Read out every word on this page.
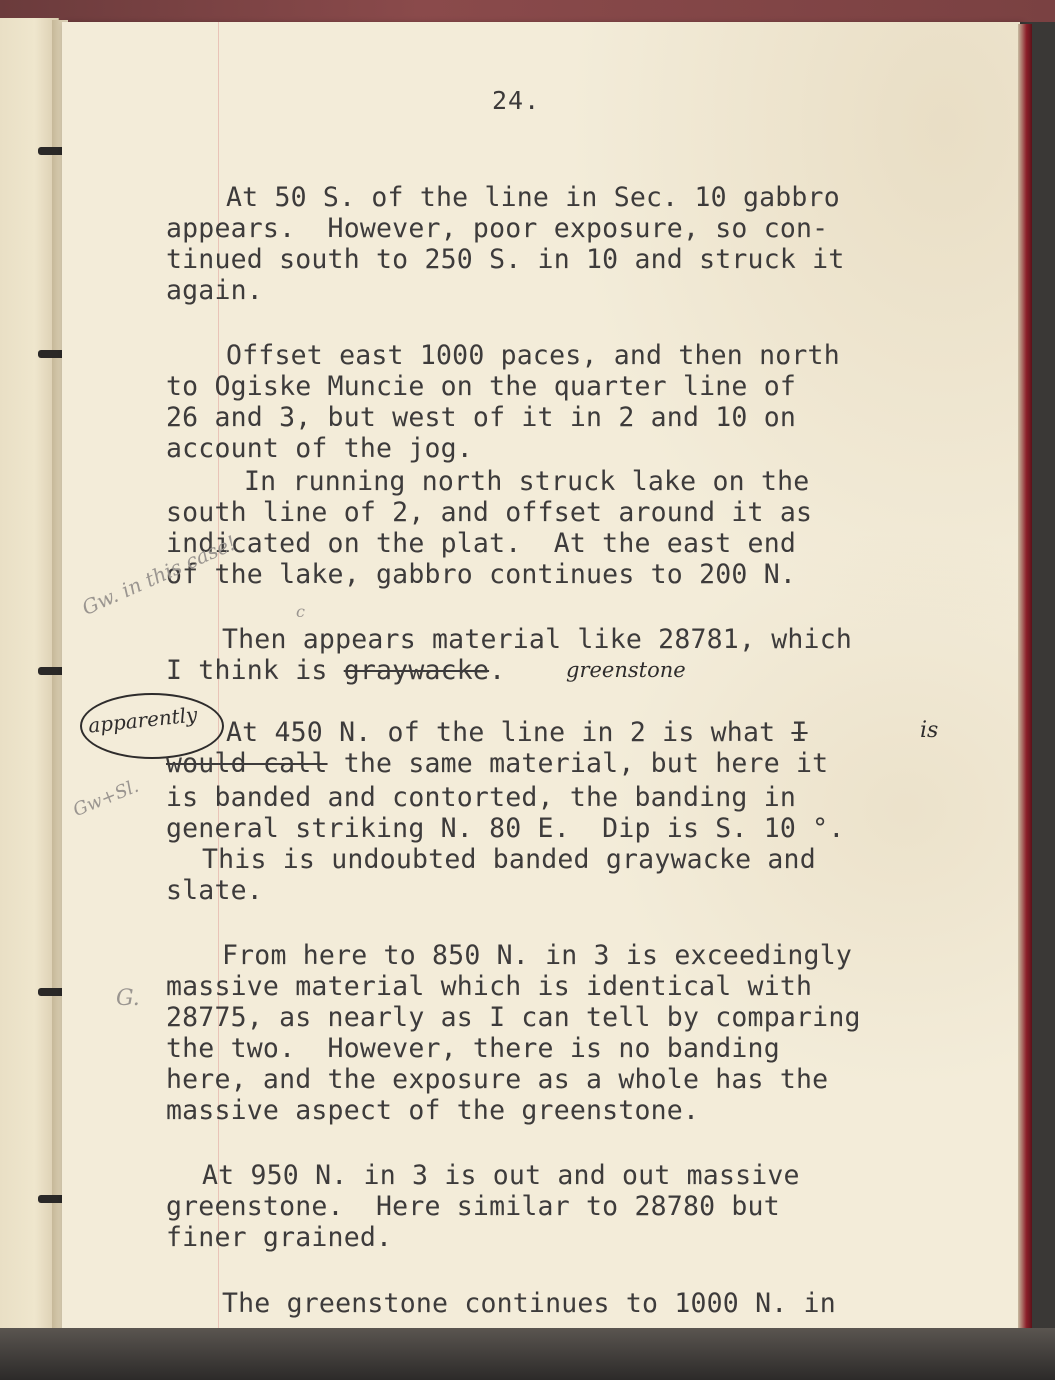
24.
At 50 S. of the line in Sec. 10 gabbro
appears.  However, poor exposure, so con-
tinued south to 250 S. in 10 and struck it
again.
Offset east 1000 paces, and then north
to Ogiske Muncie on the quarter line of
26 and 3, but west of it in 2 and 10 on
account of the jog.
In running north struck lake on the
south line of 2, and offset around it as
indicated on the plat.  At the east end
of the lake, gabbro continues to 200 N.
Gw. in this case!	c
Then appears material like 28781, which
I think is graywacke.	greenstone
apparently At 450 N. of the line in 2 is what I	is
would call the same material, but here it
Gw+Sl. is banded and contorted, the banding in
general striking N. 80 E.  Dip is S. 10 °.
This is undoubted banded graywacke and
slate.
From here to 850 N. in 3 is exceedingly
G. massive material which is identical with
28775, as nearly as I can tell by comparing
the two.  However, there is no banding
here, and the exposure as a whole has the
massive aspect of the greenstone.
At 950 N. in 3 is out and out massive
greenstone.  Here similar to 28780 but
finer grained.
The greenstone continues to 1000 N. in
